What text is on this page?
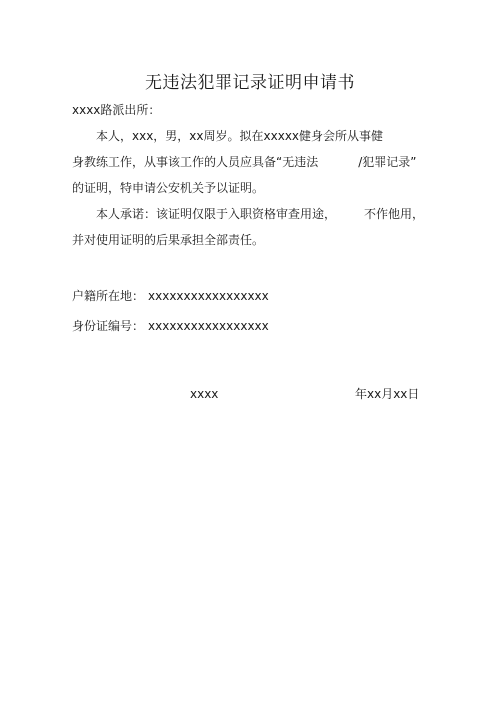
无违法犯罪记录证明申请书
xxxx路派出所：
本人，xxx，男，xx周岁。拟在xxxxx健身会所从事健
身教练工作，从事该工作的人员应具备“无违法	/犯罪记录”
的证明，特申请公安机关予以证明。
本人承诺：该证明仅限于入职资格审查用途， 不作他用，
并对使用证明的后果承担全部责任。
户籍所在地： xxxxxxxxxxxxxxxxx
身份证编号： xxxxxxxxxxxxxxxxx
xxxx	年xx月xx日
